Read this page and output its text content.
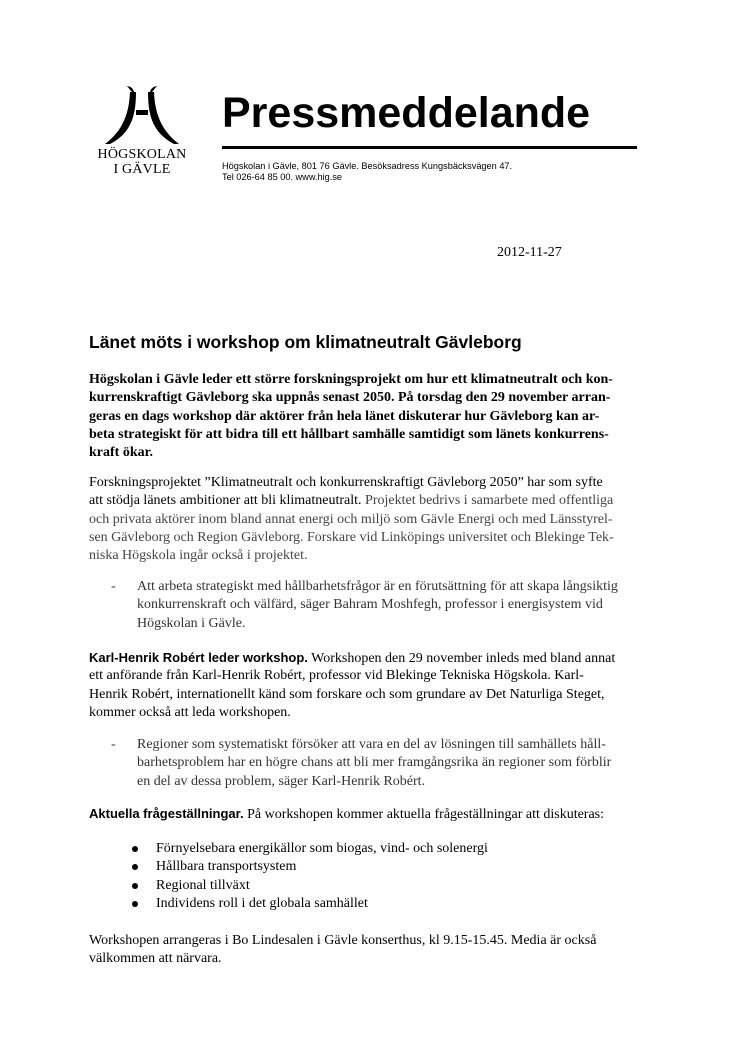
HÖGSKOLAN
I GÄVLE
Pressmeddelande
Högskolan i Gävle, 801 76 Gävle. Besöksadress Kungsbäcksvägen 47.
Tel 026-64 85 00. www.hig.se
2012-11-27
Länet möts i workshop om klimatneutralt Gävleborg
Högskolan i Gävle leder ett större forskningsprojekt om hur ett klimatneutralt och kon-
kurrenskraftigt Gävleborg ska uppnås senast 2050. På torsdag den 29 november arran-
geras en dags workshop där aktörer från hela länet diskuterar hur Gävleborg kan ar-
beta strategiskt för att bidra till ett hållbart samhälle samtidigt som länets konkurrens-
kraft ökar.
Forskningsprojektet ”Klimatneutralt och konkurrenskraftigt Gävleborg 2050” har som syfte
att stödja länets ambitioner att bli klimatneutralt. Projektet bedrivs i samarbete med offentliga
och privata aktörer inom bland annat energi och miljö som Gävle Energi och med Länsstyrel-
sen Gävleborg och Region Gävleborg. Forskare vid Linköpings universitet och Blekinge Tek-
niska Högskola ingår också i projektet.
- Att arbeta strategiskt med hållbarhetsfrågor är en förutsättning för att skapa långsiktig
konkurrenskraft och välfärd, säger Bahram Moshfegh, professor i energisystem vid
Högskolan i Gävle.
Karl-Henrik Robért leder workshop. Workshopen den 29 november inleds med bland annat
ett anförande från Karl-Henrik Robért, professor vid Blekinge Tekniska Högskola. Karl-
Henrik Robért, internationellt känd som forskare och som grundare av Det Naturliga Steget,
kommer också att leda workshopen.
- Regioner som systematiskt försöker att vara en del av lösningen till samhällets håll-
barhetsproblem har en högre chans att bli mer framgångsrika än regioner som förblir
en del av dessa problem, säger Karl-Henrik Robért.
Aktuella frågeställningar. På workshopen kommer aktuella frågeställningar att diskuteras:
Förnyelsebara energikällor som biogas, vind- och solenergi
Hållbara transportsystem
Regional tillväxt
Individens roll i det globala samhället
Workshopen arrangeras i Bo Lindesalen i Gävle konserthus, kl 9.15-15.45. Media är också
välkommen att närvara.
